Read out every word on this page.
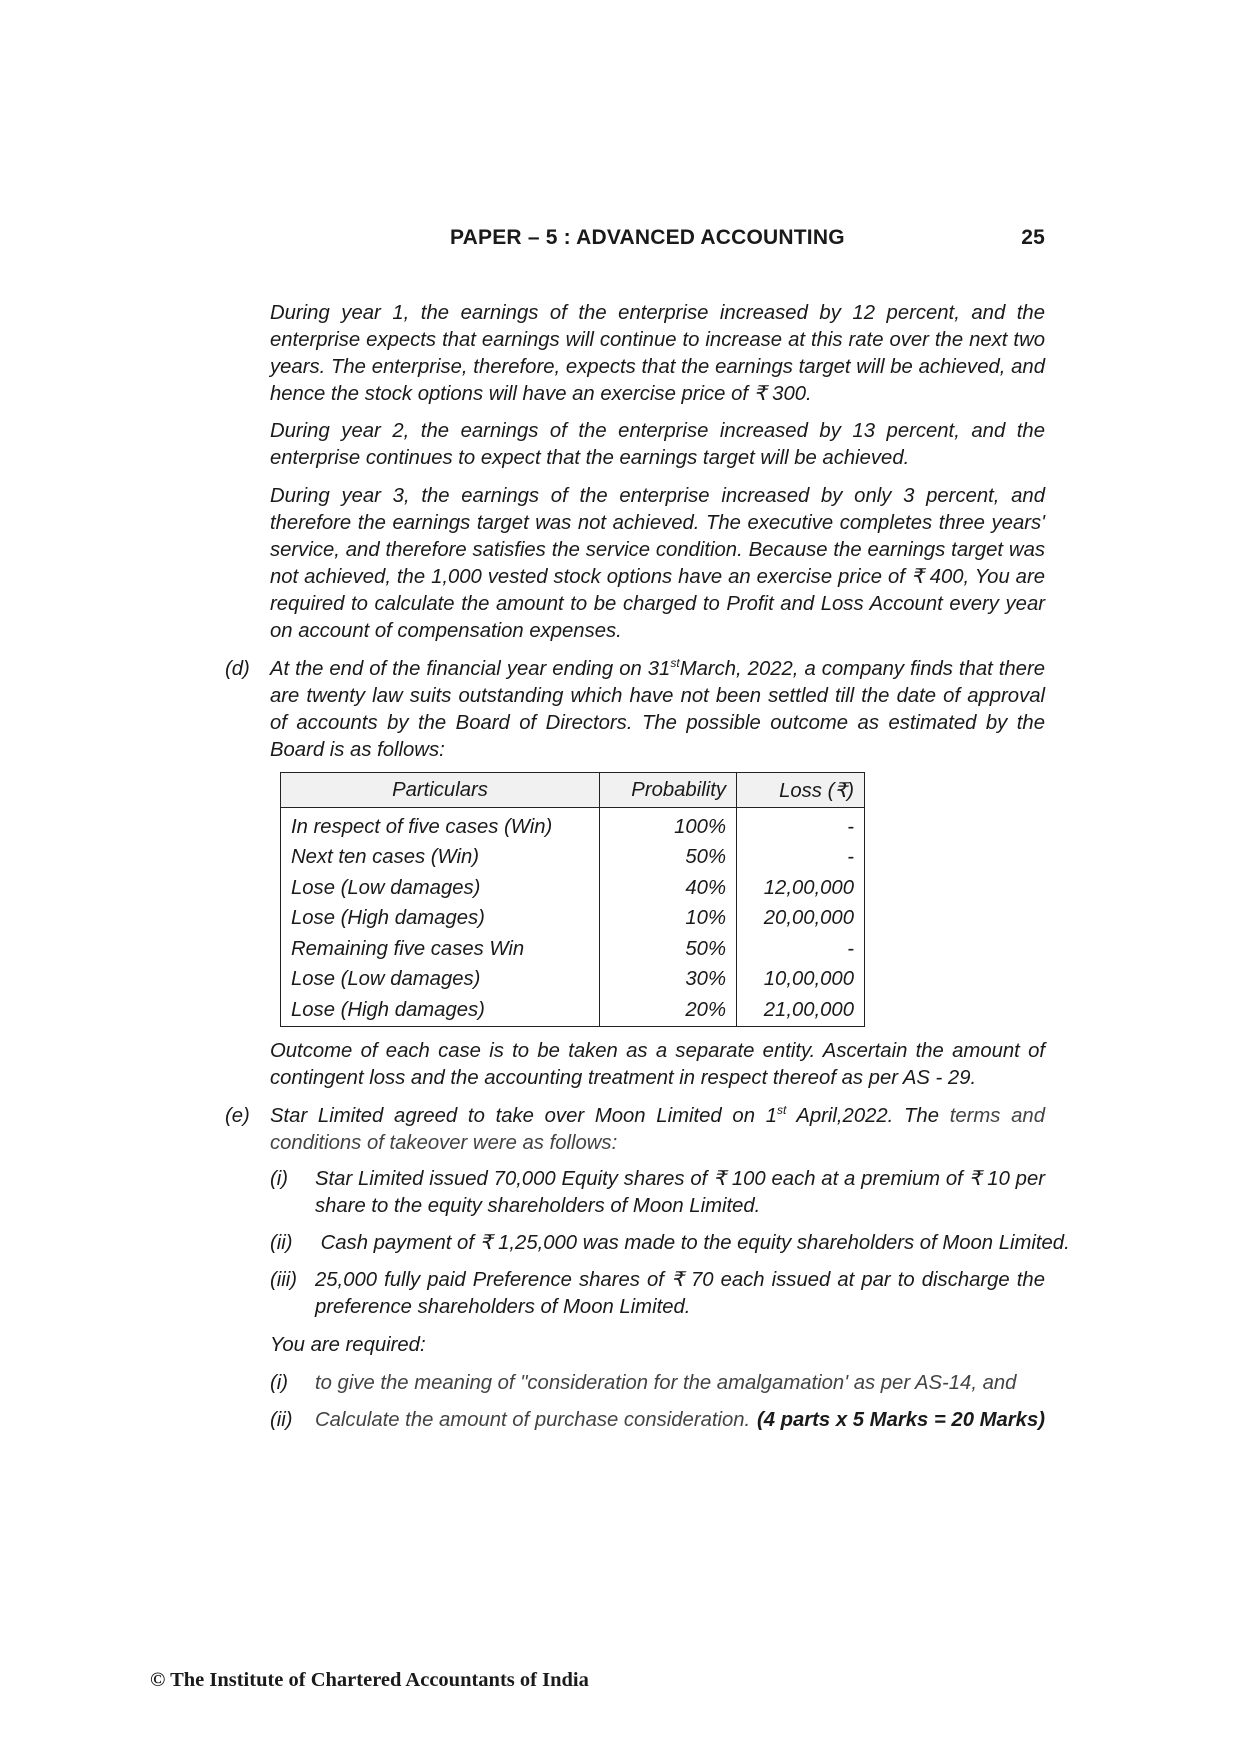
PAPER – 5 : ADVANCED ACCOUNTING	25
During year 1, the earnings of the enterprise increased by 12 percent, and the enterprise expects that earnings will continue to increase at this rate over the next two years. The enterprise, therefore, expects that the earnings target will be achieved, and hence the stock options will have an exercise price of ₹ 300.
During year 2, the earnings of the enterprise increased by 13 percent, and the enterprise continues to expect that the earnings target will be achieved.
During year 3, the earnings of the enterprise increased by only 3 percent, and therefore the earnings target was not achieved. The executive completes three years' service, and therefore satisfies the service condition. Because the earnings target was not achieved, the 1,000 vested stock options have an exercise price of ₹ 400, You are required to calculate the amount to be charged to Profit and Loss Account every year on account of compensation expenses.
(d) At the end of the financial year ending on 31stMarch, 2022, a company finds that there are twenty law suits outstanding which have not been settled till the date of approval of accounts by the Board of Directors. The possible outcome as estimated by the Board is as follows:
Particulars	Probability	Loss (₹)
In respect of five cases (Win)	100%	-
Next ten cases (Win)	50%	-
Lose (Low damages)	40%	12,00,000
Lose (High damages)	10%	20,00,000
Remaining five cases Win	50%	-
Lose (Low damages)	30%	10,00,000
Lose (High damages)	20%	21,00,000
Outcome of each case is to be taken as a separate entity. Ascertain the amount of contingent loss and the accounting treatment in respect thereof as per AS - 29.
(e) Star Limited agreed to take over Moon Limited on 1st April,2022. The terms and conditions of takeover were as follows:
(i) Star Limited issued 70,000 Equity shares of ₹ 100 each at a premium of ₹ 10 per share to the equity shareholders of Moon Limited.
(ii) Cash payment of ₹ 1,25,000 was made to the equity shareholders of Moon Limited.
(iii) 25,000 fully paid Preference shares of ₹ 70 each issued at par to discharge the preference shareholders of Moon Limited.
You are required:
(i) to give the meaning of "consideration for the amalgamation' as per AS-14, and
(ii) Calculate the amount of purchase consideration. (4 parts x 5 Marks = 20 Marks)
© The Institute of Chartered Accountants of India
